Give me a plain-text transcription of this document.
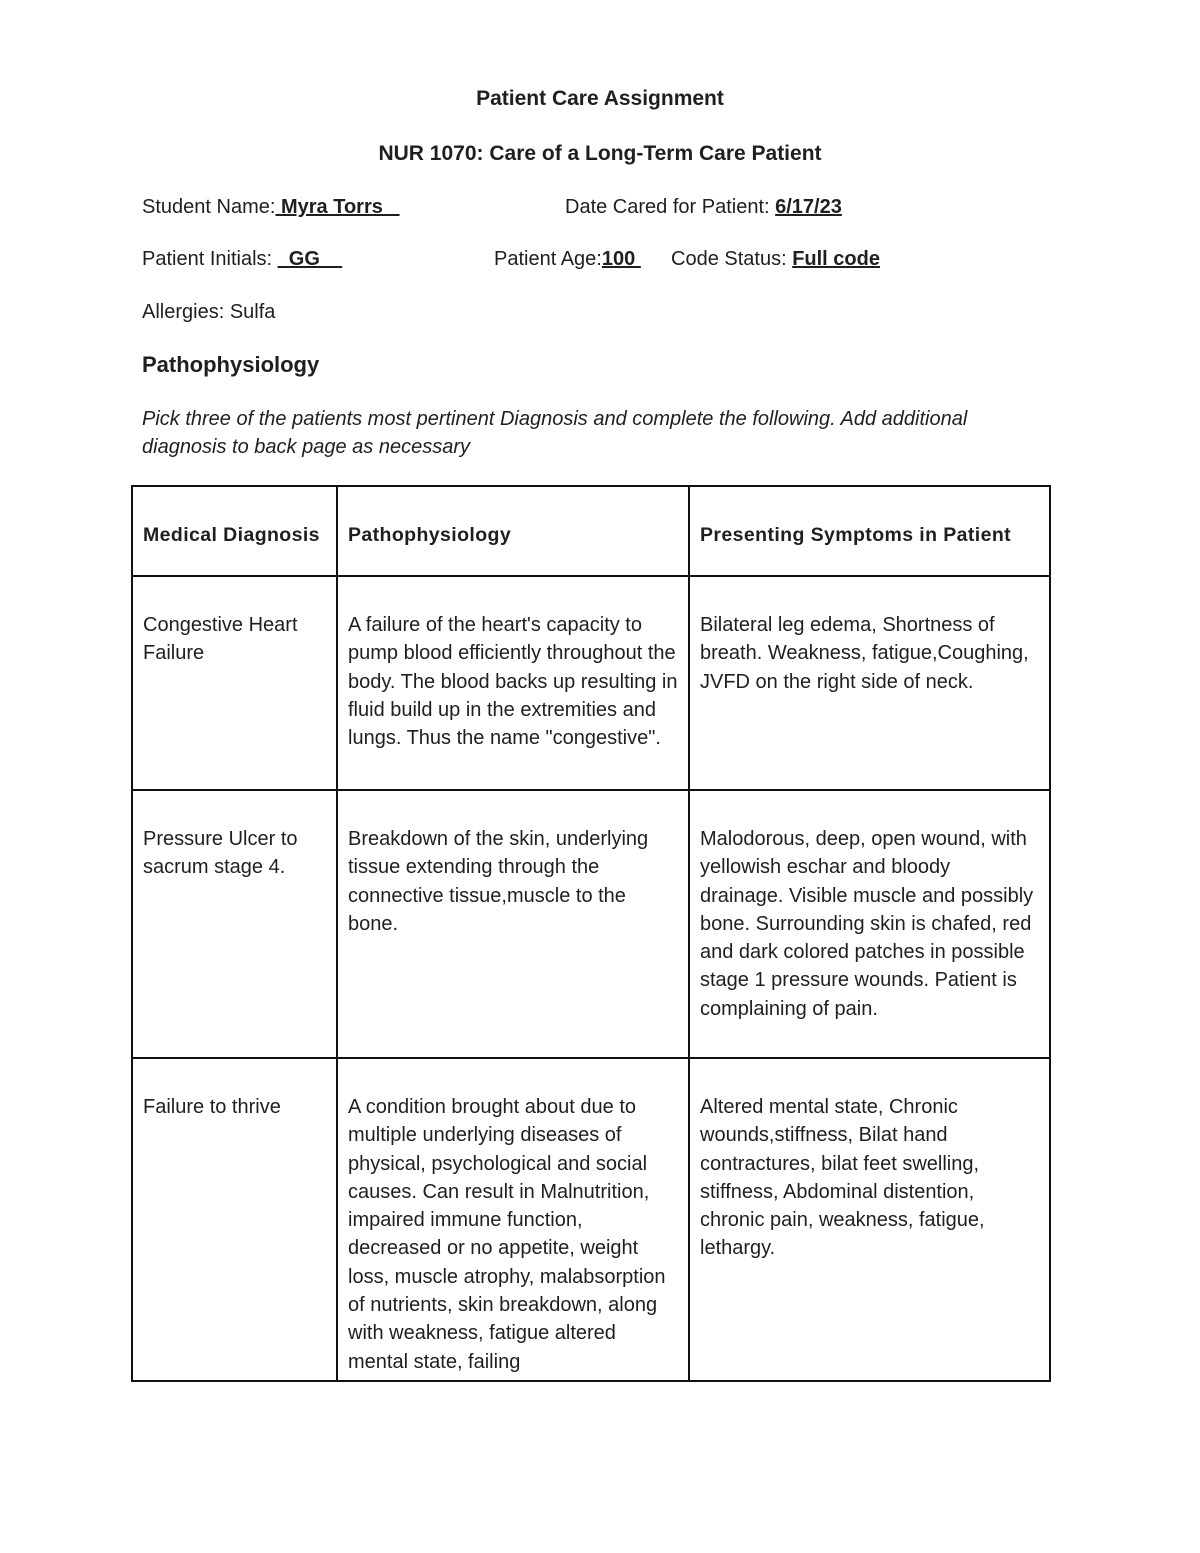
Patient Care Assignment
NUR 1070: Care of a Long-Term Care Patient
Student Name: Myra Torrs	Date Cared for Patient: 6/17/23
Patient Initials: _GG__	Patient Age:100 Code Status: Full code
Allergies: Sulfa
Pathophysiology
Pick three of the patients most pertinent Diagnosis and complete the following. Add additional diagnosis to back page as necessary
Medical Diagnosis	Pathophysiology	Presenting Symptoms in Patient
Congestive Heart Failure	A failure of the heart's capacity to pump blood efficiently throughout the body. The blood backs up resulting in fluid build up in the extremities and lungs. Thus the name "congestive".	Bilateral leg edema, Shortness of breath. Weakness, fatigue,Coughing, JVFD on the right side of neck.
Pressure Ulcer to sacrum stage 4.	Breakdown of the skin, underlying tissue extending through the connective tissue,muscle to the bone.	Malodorous, deep, open wound, with yellowish eschar and bloody drainage. Visible muscle and possibly bone. Surrounding skin is chafed, red and dark colored patches in possible stage 1 pressure wounds. Patient is complaining of pain.
Failure to thrive	A condition brought about due to multiple underlying diseases of physical, psychological and social causes. Can result in Malnutrition, impaired immune function, decreased or no appetite, weight loss, muscle atrophy, malabsorption of nutrients, skin breakdown, along with weakness, fatigue altered mental state, failing	Altered mental state, Chronic wounds,stiffness, Bilat hand contractures, bilat feet swelling, stiffness, Abdominal distention, chronic pain, weakness, fatigue, lethargy.
